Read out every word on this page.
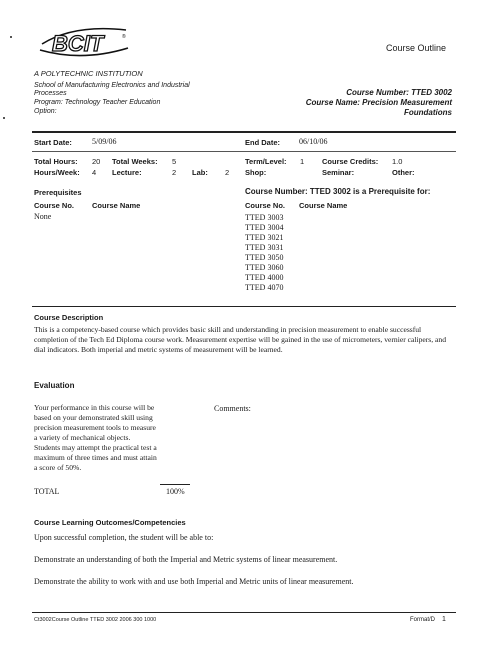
BCIT	®
Course Outline
A POLYTECHNIC INSTITUTION
School of Manufacturing Electronics and Industrial
Processes
Program: Technology Teacher Education
Option:
Course Number: TTED 3002
Course Name: Precision Measurement
Foundations
Start Date:	5/09/06	End Date: 06/10/06
Total Hours: 20 Total Weeks: 5	Term/Level: 1 Course Credits: 1.0
Hours/Week: 4 Lecture:	2 Lab: 2 Shop:	Seminar:	Other:
Prerequisites
Course No. Course Name
None
Course Number: TTED 3002 is a Prerequisite for:
Course No. Course Name
TTED 3003
TTED 3004
TTED 3021
TTED 3031
TTED 3050
TTED 3060
TTED 4000
TTED 4070
Course Description
This is a competency-based course which provides basic skill and understanding in precision measurement to enable successful completion of the Tech Ed Diploma course work. Measurement expertise will be gained in the use of micrometers, vernier calipers, and dial indicators. Both imperial and metric systems of measurement will be learned.
Evaluation
Your performance in this course will be based on your demonstrated skill using precision measurement tools to measure a variety of mechanical objects. Students may attempt the practical test a maximum of three times and must attain a score of 50%.
Comments:
TOTAL	100%
Course Learning Outcomes/Competencies
Upon successful completion, the student will be able to:
Demonstrate an understanding of both the Imperial and Metric systems of linear measurement.
Demonstrate the ability to work with and use both Imperial and Metric units of linear measurement.
Ct3002Course Outline TTED 3002 2006 300 1000	Format/D 1
